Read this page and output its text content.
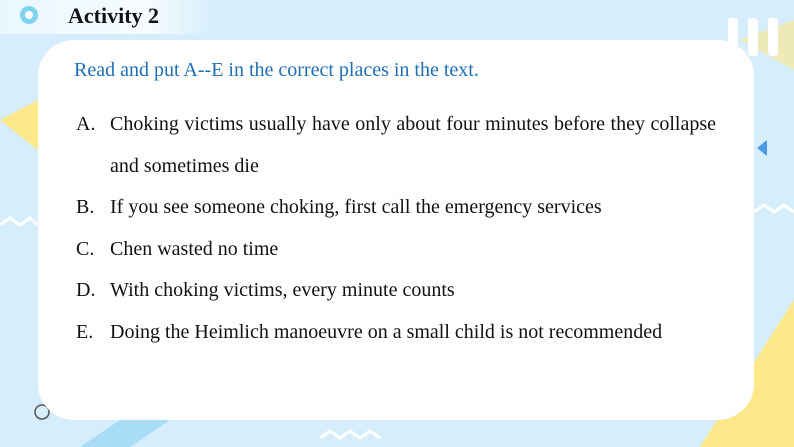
Activity 2
Read and put A--E in the correct places in the text.
A. Choking victims usually have only about four minutes before they collapse and sometimes die
B. If you see someone choking, first call the emergency services
C. Chen wasted no time
D. With choking victims, every minute counts
E. Doing the Heimlich manoeuvre on a small child is not recommended
